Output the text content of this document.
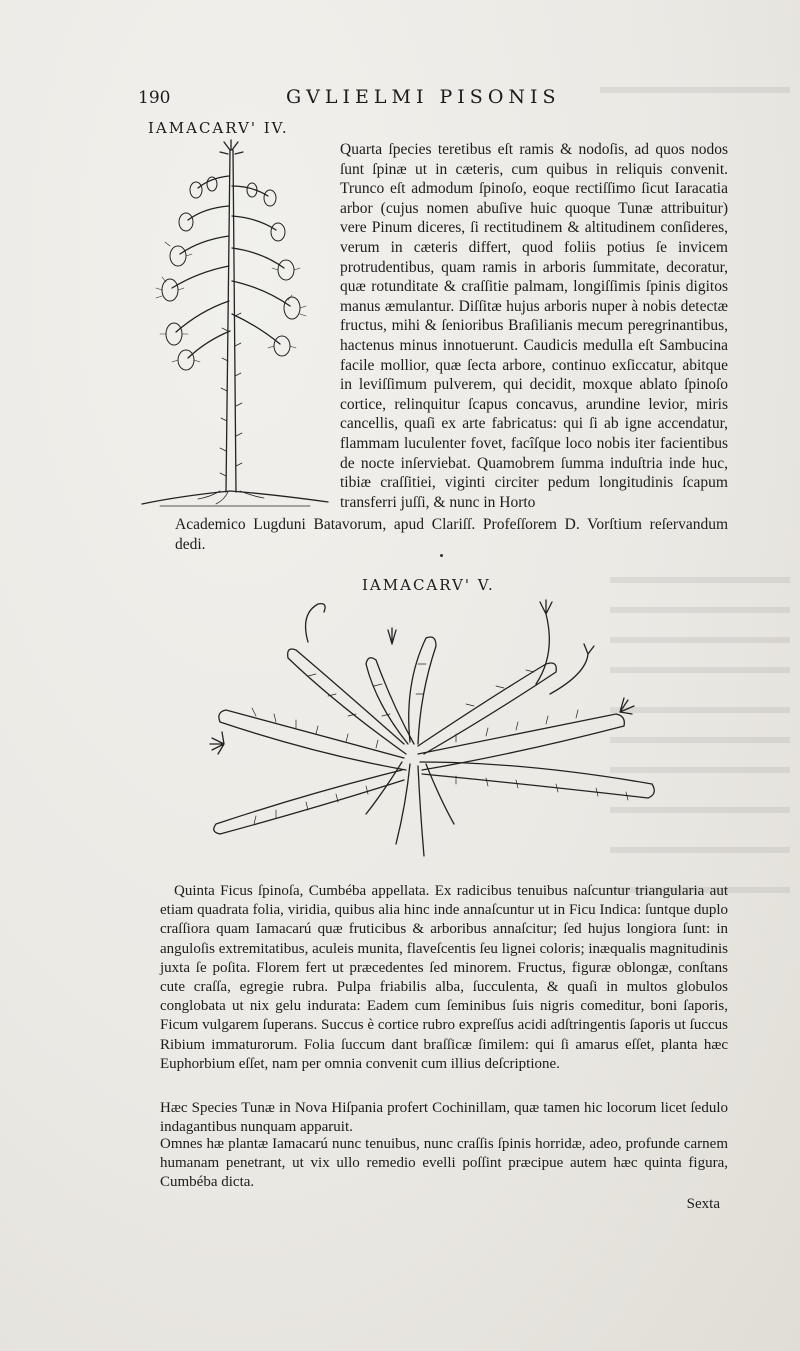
190	GVLIELMI PISONIS
IAMACARV' IV.

Quarta ſpecies teretibus eſt ramis & nodoſis, ad quos nodos ſunt ſpinæ ut in cæteris, cum quibus in reliquis convenit. Trunco eſt admodum ſpinoſo, eoque rectiſſimo ſicut Iaracatia arbor (cujus nomen abuſive huic quoque Tunæ attribuitur) vere Pinum diceres, ſi rectitudinem & altitudinem conſideres, verum in cæteris differt, quod foliis potius ſe invicem protrudentibus, quam ramis in arboris ſummitate, decoratur, quæ rotunditate & craſſitie palmam, longiſſimis ſpinis digitos manus æmulantur. Diſſitæ hujus arboris nuper à nobis detectæ fructus, mihi & ſenioribus Braſilianis mecum peregrinantibus, hactenus minus innotuerunt. Caudicis medulla eſt Sambucina facile mollior, quæ ſecta arbore, continuo exſiccatur, abitque in leviſſimum pulverem, qui decidit, moxque ablato ſpinoſo cortice, relinquitur ſcapus concavus, arundine levior, miris cancellis, quaſi ex arte fabricatus: qui ſi ab igne accendatur, flammam luculenter fovet, facîſque loco nobis iter facientibus de nocte inſerviebat. Quamobrem ſumma induſtria inde huc, tibiæ craſſitiei, viginti circiter pedum longitudinis ſcapum transferri juſſi, & nunc in Horto

Academico Lugduni Batavorum, apud Clariſſ. Profeſſorem D. Vorſtium reſervandum dedi.

IAMACARV' V.

Quinta Ficus ſpinoſa, Cumbéba appellata. Ex radicibus tenuibus naſcuntur triangularia aut etiam quadrata folia, viridia, quibus alia hinc inde annaſcuntur ut in Ficu Indica: ſuntque duplo craſſiora quam Iamacarú quæ fruticibus & arboribus annaſcitur; ſed hujus longiora ſunt: in anguloſis extremitatibus, aculeis munita, flaveſcentis ſeu lignei coloris; inæqualis magnitudinis juxta ſe poſita. Florem fert ut præcedentes ſed minorem. Fructus, figuræ oblongæ, conſtans cute craſſa, egregie rubra. Pulpa friabilis alba, ſucculenta, & quaſi in multos globulos conglobata ut nix gelu indurata: Eadem cum ſeminibus ſuis nigris comeditur, boni ſaporis, Ficum vulgarem ſuperans. Succus è cortice rubro expreſſus acidi adſtringentis ſaporis ut ſuccus Ribium immaturorum. Folia ſuccum dant braſſicæ ſimilem: qui ſi amarus eſſet, planta hæc Euphorbium eſſet, nam per omnia convenit cum illius deſcriptione.

Hæc Species Tunæ in Nova Hiſpania profert Cochinillam, quæ tamen hic locorum licet ſedulo indagantibus nunquam apparuit.

Omnes hæ plantæ Iamacarú nunc tenuibus, nunc craſſis ſpinis horridæ, adeo, profunde carnem humanam penetrant, ut vix ullo remedio evelli poſſint præcipue autem hæc quinta figura, Cumbéba dicta.

Sexta
